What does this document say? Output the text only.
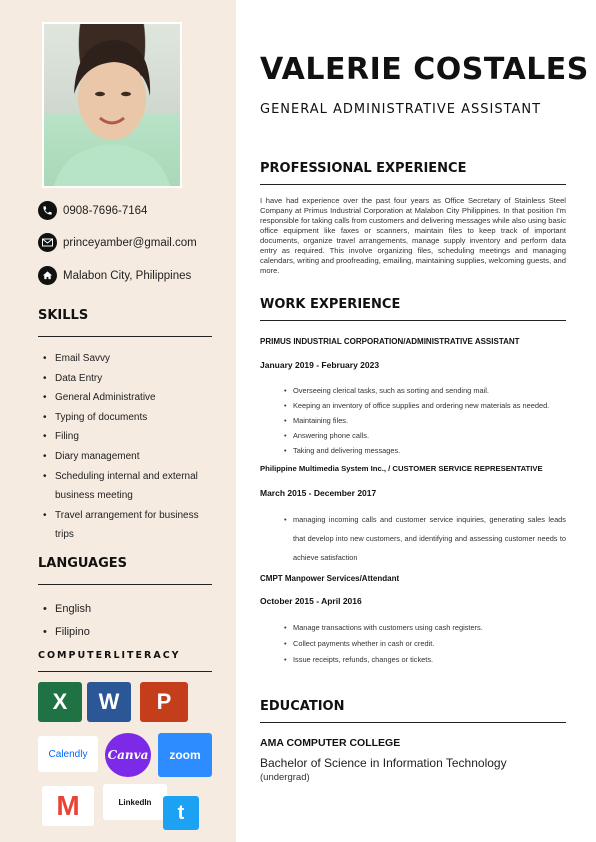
0908-7696-7164
princeyamber@gmail.com
Malabon City, Philippines
SKILLS
• Email Savvy
• Data Entry
• General Administrative
• Typing of documents
• Filing
• Diary management
• Scheduling internal and external business meeting
• Travel arrangement for business trips
LANGUAGES
• English
• Filipino
COMPUTERLITERACY
X W P
Calendly Canva zoom
M	LinkedIn t
VALERIE COSTALES
GENERAL ADMINISTRATIVE ASSISTANT
PROFESSIONAL EXPERIENCE
I have had experience over the past four years as Office Secretary of Stainless Steel Company at Primus Industrial Corporation at Malabon City Philippines. In that position I'm responsible for taking calls from customers and delivering messages while also using basic office equipment like faxes or scanners, maintain files to keep track of important documents, organize travel arrangements, manage supply inventory and perform data entry as required. This involve organizing files, scheduling meetings and managing calendars, writing and proofreading, emailing, maintaining supplies, welcoming guests, and more.
WORK EXPERIENCE
PRIMUS INDUSTRIAL CORPORATION/ADMINISTRATIVE ASSISTANT
January 2019 - February 2023
• Overseeing clerical tasks, such as sorting and sending mail.
• Keeping an inventory of office supplies and ordering new materials as needed.
• Maintaining files.
• Answering phone calls.
• Taking and delivering messages.
Philippine Multimedia System Inc., / CUSTOMER SERVICE REPRESENTATIVE
March 2015 - December 2017
• managing incoming calls and customer service inquiries, generating sales leads that develop into new customers, and identifying and assessing customer needs to achieve satisfaction
CMPT Manpower Services/Attendant
October 2015 - April 2016
• Manage transactions with customers using cash registers.
• Collect payments whether in cash or credit.
• Issue receipts, refunds, changes or tickets.
EDUCATION
AMA COMPUTER COLLEGE
Bachelor of Science in Information Technology
(undergrad)
